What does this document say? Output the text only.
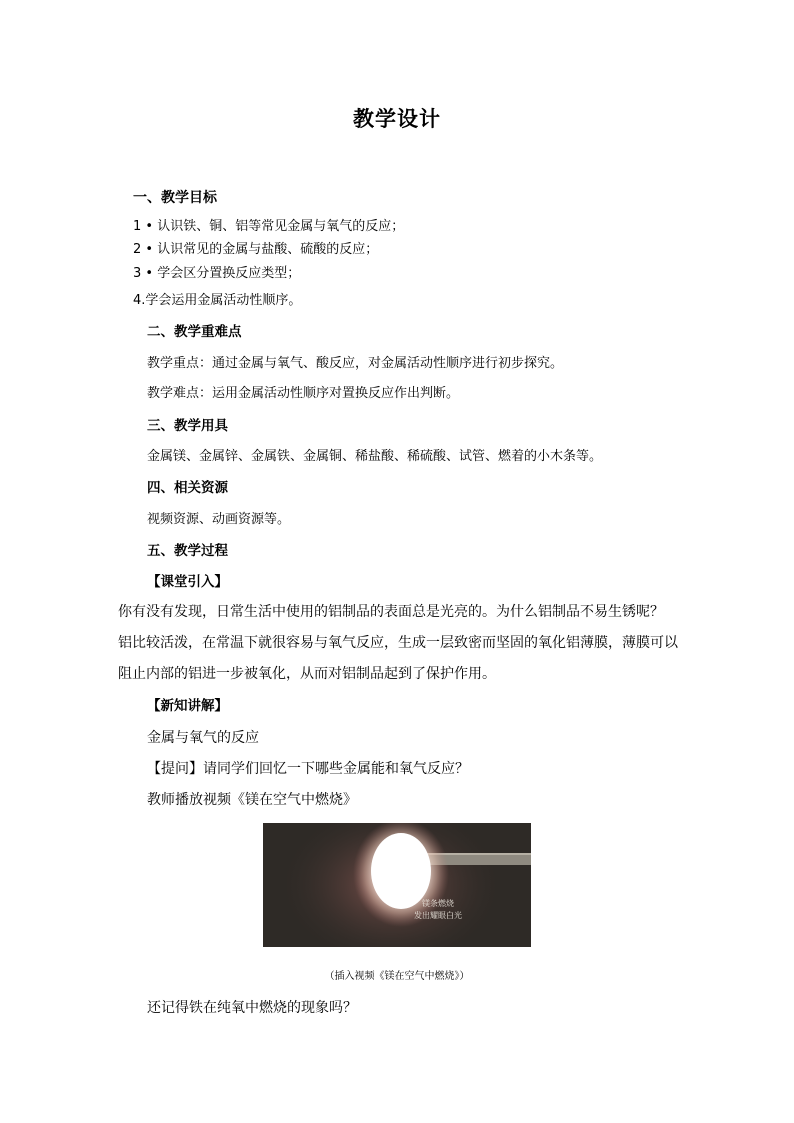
教学设计
一、教学目标
1 • 认识铁、铜、铝等常见金属与氧气的反应；
2 • 认识常见的金属与盐酸、硫酸的反应；
3 • 学会区分置换反应类型；
4.学会运用金属活动性顺序。
二、教学重难点
教学重点：通过金属与氧气、酸反应，对金属活动性顺序进行初步探究。
教学难点：运用金属活动性顺序对置换反应作出判断。
三、教学用具
金属镁、金属锌、金属铁、金属铜、稀盐酸、稀硫酸、试管、燃着的小木条等。
四、相关资源
视频资源、动画资源等。
五、教学过程
【课堂引入】
你有没有发现，日常生活中使用的铝制品的表面总是光亮的。为什么铝制品不易生锈呢？
铝比较活泼，在常温下就很容易与氧气反应，生成一层致密而坚固的氧化铝薄膜，薄膜可以
阻止内部的铝进一步被氧化，从而对铝制品起到了保护作用。
【新知讲解】
金属与氧气的反应
【提问】请同学们回忆一下哪些金属能和氧气反应？
教师播放视频《镁在空气中燃烧》
镁条燃烧
发出耀眼白光
（插入视频《镁在空气中燃烧》）
还记得铁在纯氧中燃烧的现象吗？
